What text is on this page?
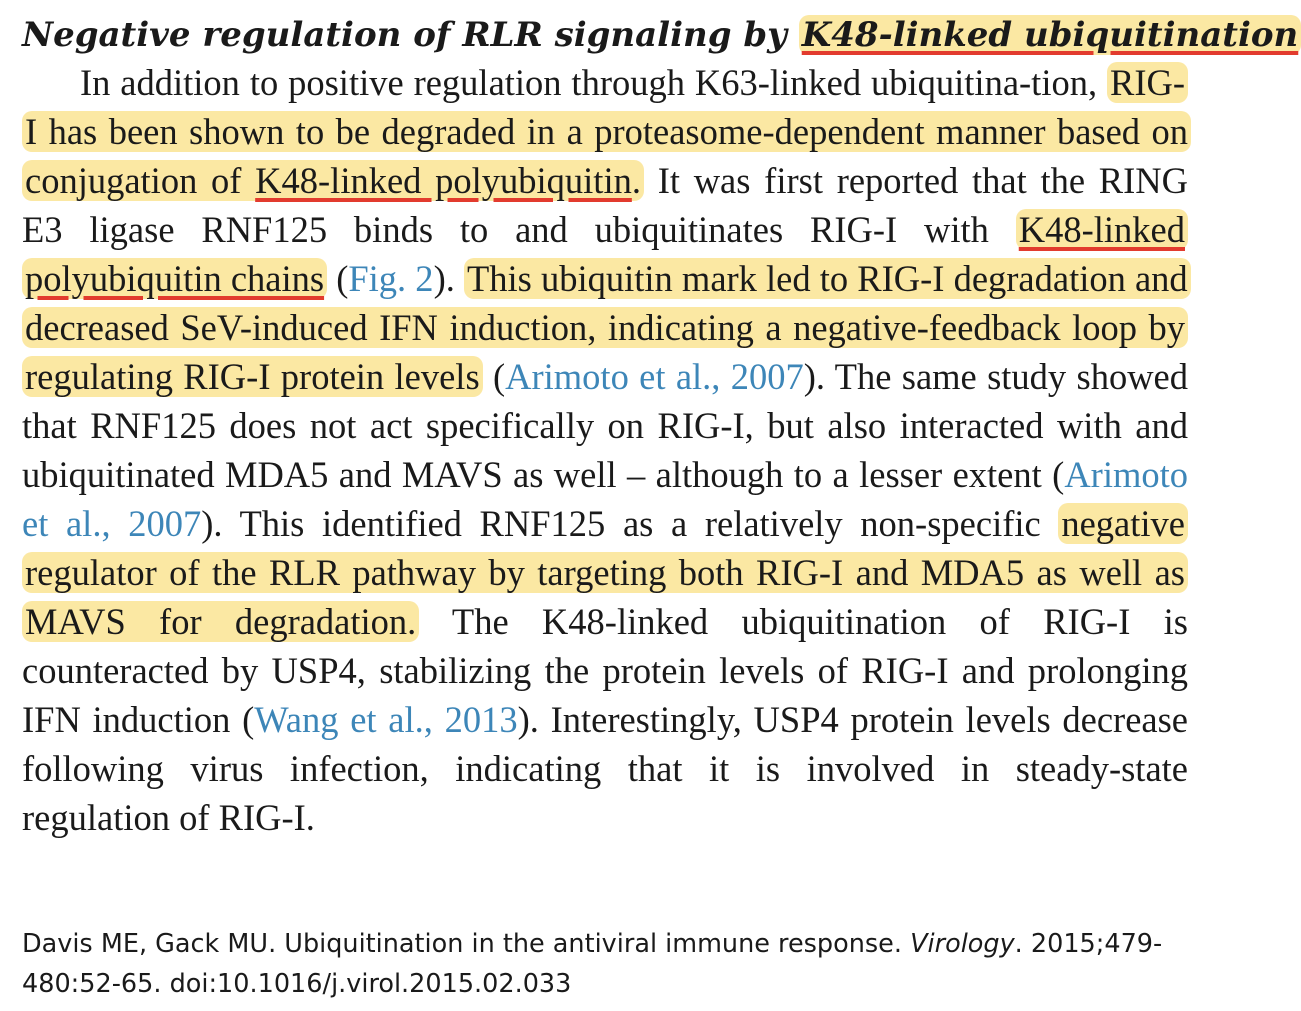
Negative regulation of RLR signaling by K48-linked ubiquitination

In addition to positive regulation through K63-linked ubiquitina-tion, RIG-I has been shown to be degraded in a proteasome-dependent manner based on conjugation of K48-linked polyubiquitin. It was first reported that the RING E3 ligase RNF125 binds to and ubiquitinates RIG-I with K48-linked polyubiquitin chains (Fig. 2). This ubiquitin mark led to RIG-I degradation and decreased SeV-induced IFN induction, indicating a negative-feedback loop by regulating RIG-I protein levels (Arimoto et al., 2007). The same study showed that RNF125 does not act specifically on RIG-I, but also interacted with and ubiquitinated MDA5 and MAVS as well – although to a lesser extent (Arimoto et al., 2007). This identified RNF125 as a relatively non-specific negative regulator of the RLR pathway by targeting both RIG-I and MDA5 as well as MAVS for degradation. The K48-linked ubiquitination of RIG-I is counteracted by USP4, stabilizing the protein levels of RIG-I and prolonging IFN induction (Wang et al., 2013). Interestingly, USP4 protein levels decrease following virus infection, indicating that it is involved in steady-state regulation of RIG-I.

Davis ME, Gack MU. Ubiquitination in the antiviral immune response. Virology. 2015;479-480:52-65. doi:10.1016/j.virol.2015.02.033
